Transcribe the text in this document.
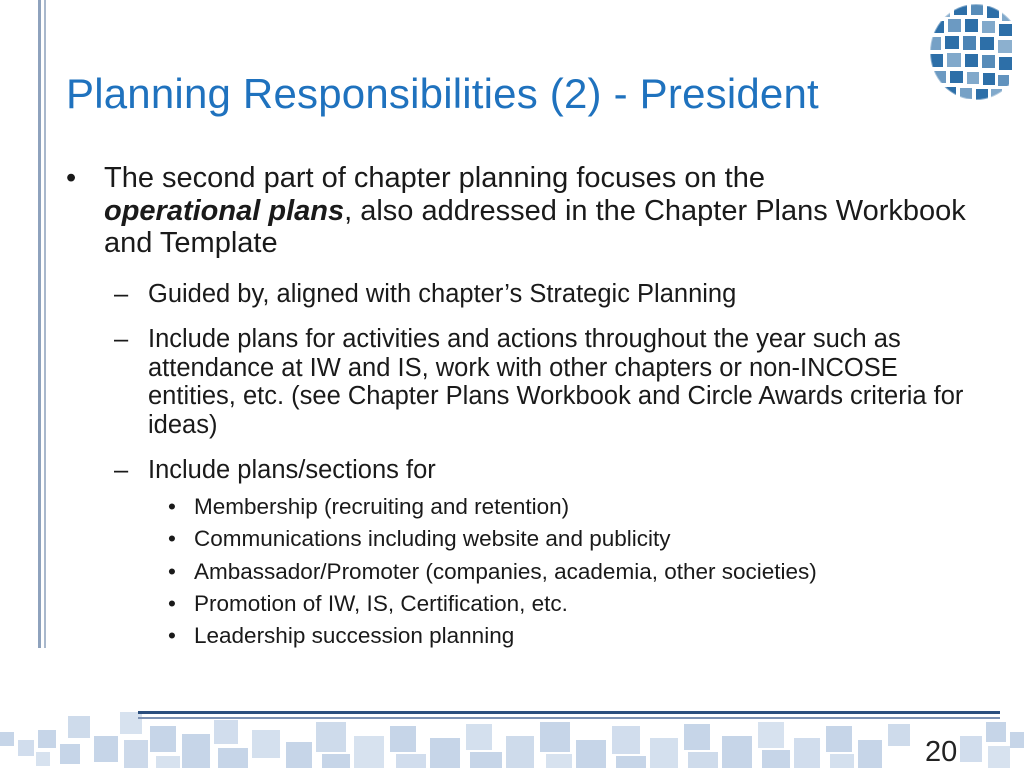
Planning Responsibilities (2) - President
• The second part of chapter planning focuses on the
operational plans, also addressed in the Chapter Plans Workbook and Template
– Guided by, aligned with chapter’s Strategic Planning
– Include plans for activities and actions throughout the year such as attendance at IW and IS, work with other chapters or non-INCOSE entities, etc. (see Chapter Plans Workbook and Circle Awards criteria for ideas)
– Include plans/sections for
• Membership (recruiting and retention)
• Communications including website and publicity
• Ambassador/Promoter (companies, academia, other societies)
• Promotion of IW, IS, Certification, etc.
• Leadership succession planning
20
